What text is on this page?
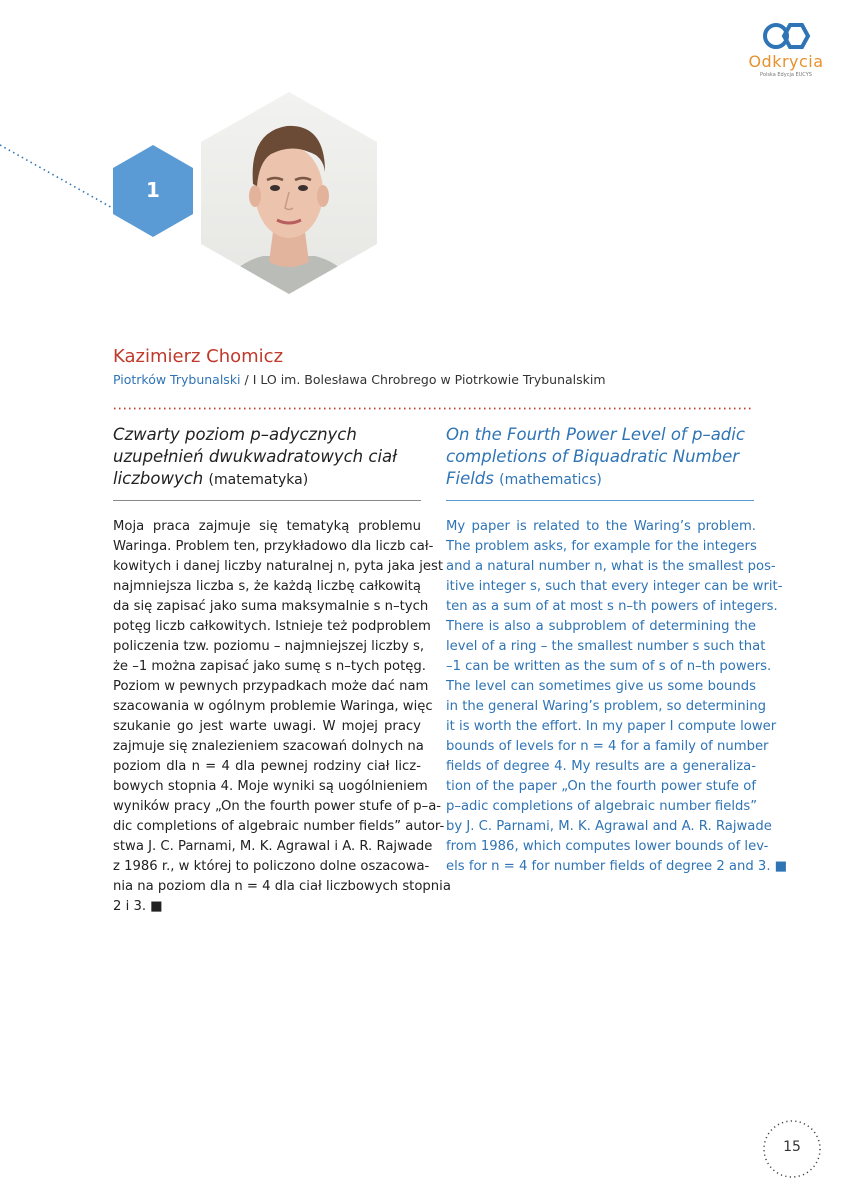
Odkrycia
Polska Edycja EUCYS
1
Kazimierz Chomicz
Piotrków Trybunalski / I LO im. Bolesława Chrobrego w Piotrkowie Trybunalskim
Czwarty poziom p–adycznych uzupełnień dwukwadratowych ciał liczbowych (matematyka)
On the Fourth Power Level of p–adic completions of Biquadratic Number Fields (mathematics)
Moja praca zajmuje się tematyką problemu
Waringa. Problem ten, przykładowo dla liczb cał-
kowitych i danej liczby naturalnej n, pyta jaka jest
najmniejsza liczba s, że każdą liczbę całkowitą
da się zapisać jako suma maksymalnie s n–tych
potęg liczb całkowitych. Istnieje też podproblem
policzenia tzw. poziomu – najmniejszej liczby s,
że –1 można zapisać jako sumę s n–tych potęg.
Poziom w pewnych przypadkach może dać nam
szacowania w ogólnym problemie Waringa, więc
szukanie go jest warte uwagi. W mojej pracy
zajmuje się znalezieniem szacowań dolnych na
poziom dla n = 4 dla pewnej rodziny ciał licz-
bowych stopnia 4. Moje wyniki są uogólnieniem
wyników pracy „On the fourth power stufe of p–a-
dic completions of algebraic number fields” autor-
stwa J. C. Parnami, M. K. Agrawal i A. R. Rajwade
z 1986 r., w której to policzono dolne oszacowa-
nia na poziom dla n = 4 dla ciał liczbowych stopnia
2 i 3. ■
My paper is related to the Waring’s problem.
The problem asks, for example for the integers
and a natural number n, what is the smallest pos-
itive integer s, such that every integer can be writ-
ten as a sum of at most s n–th powers of integers.
There is also a subproblem of determining the
level of a ring – the smallest number s such that
–1 can be written as the sum of s of n–th powers.
The level can sometimes give us some bounds
in the general Waring’s problem, so determining
it is worth the effort. In my paper I compute lower
bounds of levels for n = 4 for a family of number
fields of degree 4. My results are a generaliza-
tion of the paper „On the fourth power stufe of
p–adic completions of algebraic number fields”
by J. C. Parnami, M. K. Agrawal and A. R. Rajwade
from 1986, which computes lower bounds of lev-
els for n = 4 for number fields of degree 2 and 3. ■
15
